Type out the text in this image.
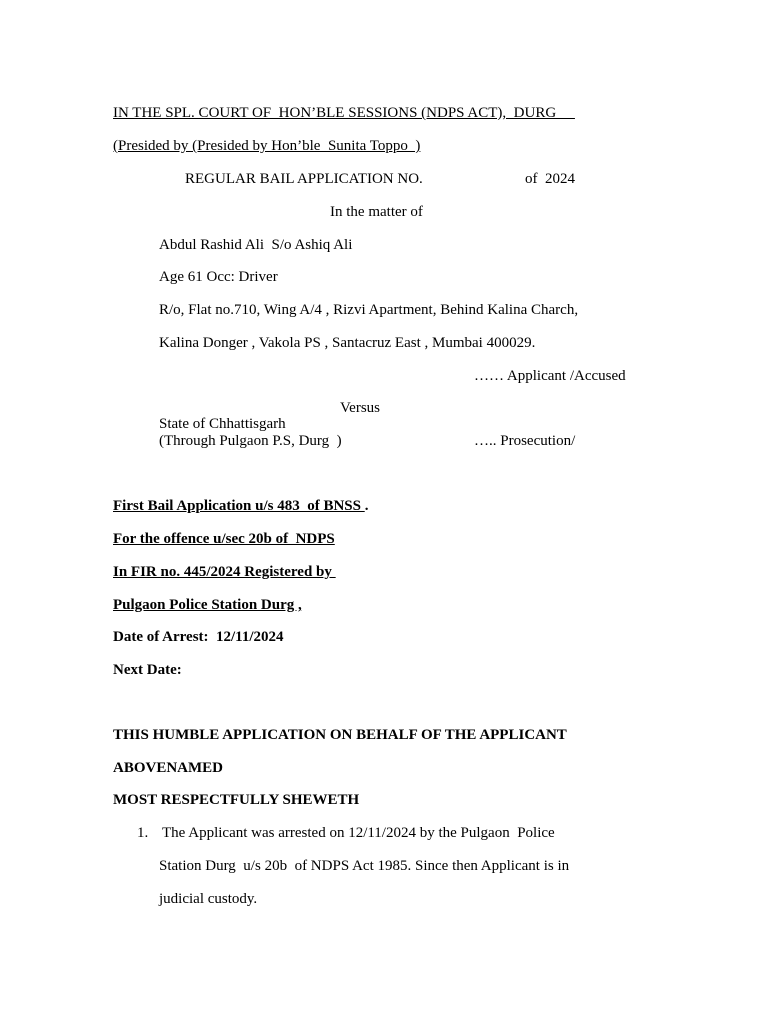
IN THE SPL. COURT OF  HON’BLE SESSIONS (NDPS ACT),  DURG
(Presided by (Presided by Hon’ble  Sunita Toppo  )
REGULAR BAIL APPLICATION NO.	of  2024
In the matter of
Abdul Rashid Ali  S/o Ashiq Ali
Age 61 Occ: Driver
R/o, Flat no.710, Wing A/4 , Rizvi Apartment, Behind Kalina Charch,
Kalina Donger , Vakola PS , Santacruz East , Mumbai 400029.
…… Applicant /Accused
Versus
State of Chhattisgarh
(Through Pulgaon P.S, Durg  )	….. Prosecution/
First Bail Application u/s 483  of BNSS .
For the offence u/sec 20b of  NDPS
In FIR no. 445/2024 Registered by
Pulgaon Police Station Durg ,
Date of Arrest:  12/11/2024
Next Date:
THIS HUMBLE APPLICATION ON BEHALF OF THE APPLICANT
ABOVENAMED
MOST RESPECTFULLY SHEWETH
1. The Applicant was arrested on 12/11/2024 by the Pulgaon  Police
Station Durg  u/s 20b  of NDPS Act 1985. Since then Applicant is in
judicial custody.
